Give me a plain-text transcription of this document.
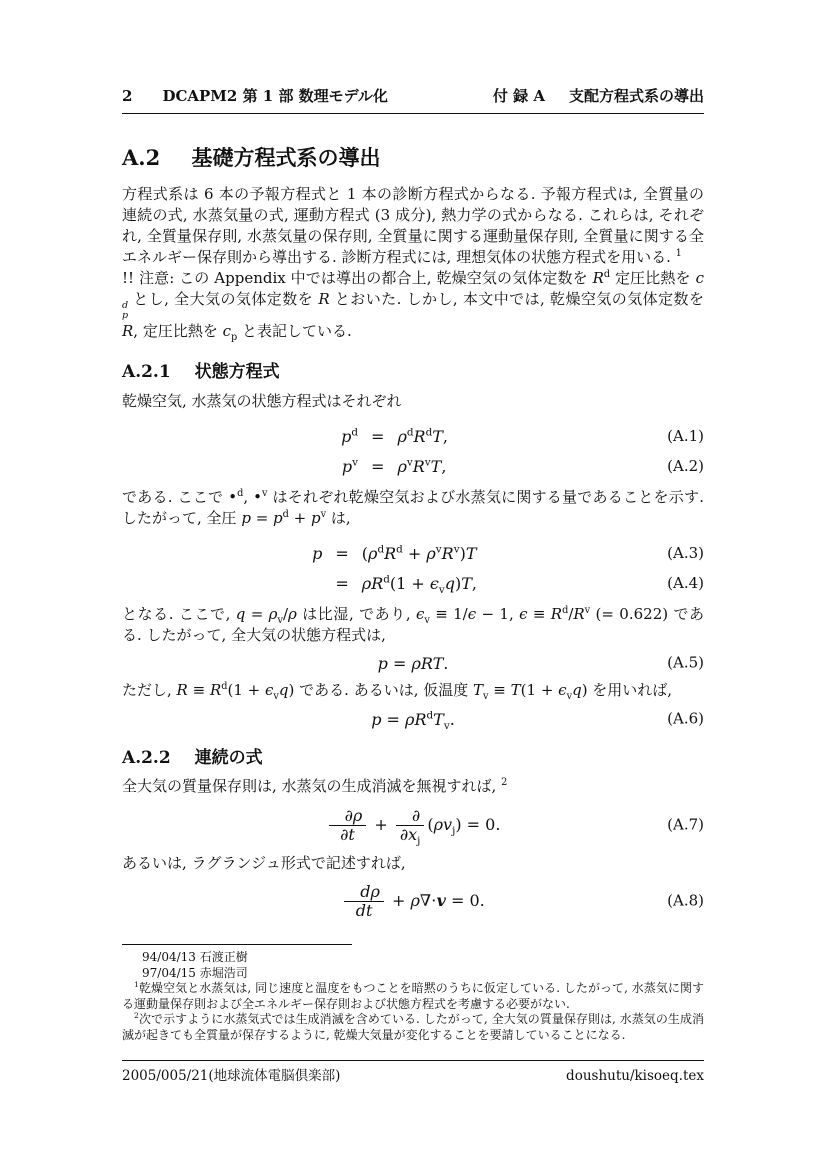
2 DCAPM2 第 1 部 数理モデル化	付 録 A 支配方程式系の導出
A.2 基礎方程式系の導出

方程式系は 6 本の予報方程式と 1 本の診断方程式からなる. 予報方程式は, 全質量の連続の式, 水蒸気量の式, 運動方程式 (3 成分), 熱力学の式からなる. これらは, それぞれ, 全質量保存則, 水蒸気量の保存則, 全質量に関する運動量保存則, 全質量に関する全エネルギー保存則から導出する. 診断方程式には, 理想気体の状態方程式を用いる. $^1$

!! 注意: この Appendix 中では導出の都合上, 乾燥空気の気体定数を $R^d$ 定圧比熱を c
d
p
とし, 全大気の気体定数を R とおいた. しかし, 本文中では, 乾燥空気の気体定数を R, 定圧比熱を $c_p$ と表記している.

A.2.1 状態方程式

乾燥空気, 水蒸気の状態方程式はそれぞれ

$p^d = \rho^dR^dT$,	(A.1)
$p^v = \rho^vR^vT$,	(A.2)

である. ここで •$^d$, •$^v$ はそれぞれ乾燥空気および水蒸気に関する量であることを示す. したがって, 全圧 $p = p^d + p^v$ は,

$p = (\rho^dR^d + \rho^vR^v)T$	(A.3)
= $\rho R^d(1 + \epsilon_vq)T$,	(A.4)

となる. ここで, $q = \rho_v/\rho$ は比湿, であり, $\epsilon_v \equiv 1/\epsilon - 1$, $\epsilon \equiv R^d/R^v$ (= 0.622) である. したがって, 全大気の状態方程式は,

p = ρRT.	(A.5)

ただし, $R \equiv R^d(1 + \epsilon_vq)$ である. あるいは, 仮温度 $T_v \equiv T(1 + \epsilon_vq)$ を用いれば,

$p = \rho R^dT_v$.	(A.6)
A.2.2 連続の式

全大気の質量保存則は, 水蒸気の生成消滅を無視すれば, $^2$

$\frac{\partial\rho}{\partial t} + \frac{\partial}{\partial x_j} (\rho v_j) = 0$.	(A.7)

あるいは, ラグランジュ形式で記述すれば,

$\frac{d\rho}{dt} + \rho\nabla\cdot v = 0$.	(A.8)
94/04/13 石渡正樹
97/04/15 赤堀浩司

$^1$乾燥空気と水蒸気は, 同じ速度と温度をもつことを暗黙のうちに仮定している. したがって, 水蒸気に関する運動量保存則および全エネルギー保存則および状態方程式を考慮する必要がない.

$^2$次で示すように水蒸気式では生成消滅を含めている. したがって, 全大気の質量保存則は, 水蒸気の生成消滅が起きても全質量が保存するように, 乾燥大気量が変化することを要請していることになる.

2005/005/21(地球流体電脳倶楽部)	doushutu/kisoeq.tex
